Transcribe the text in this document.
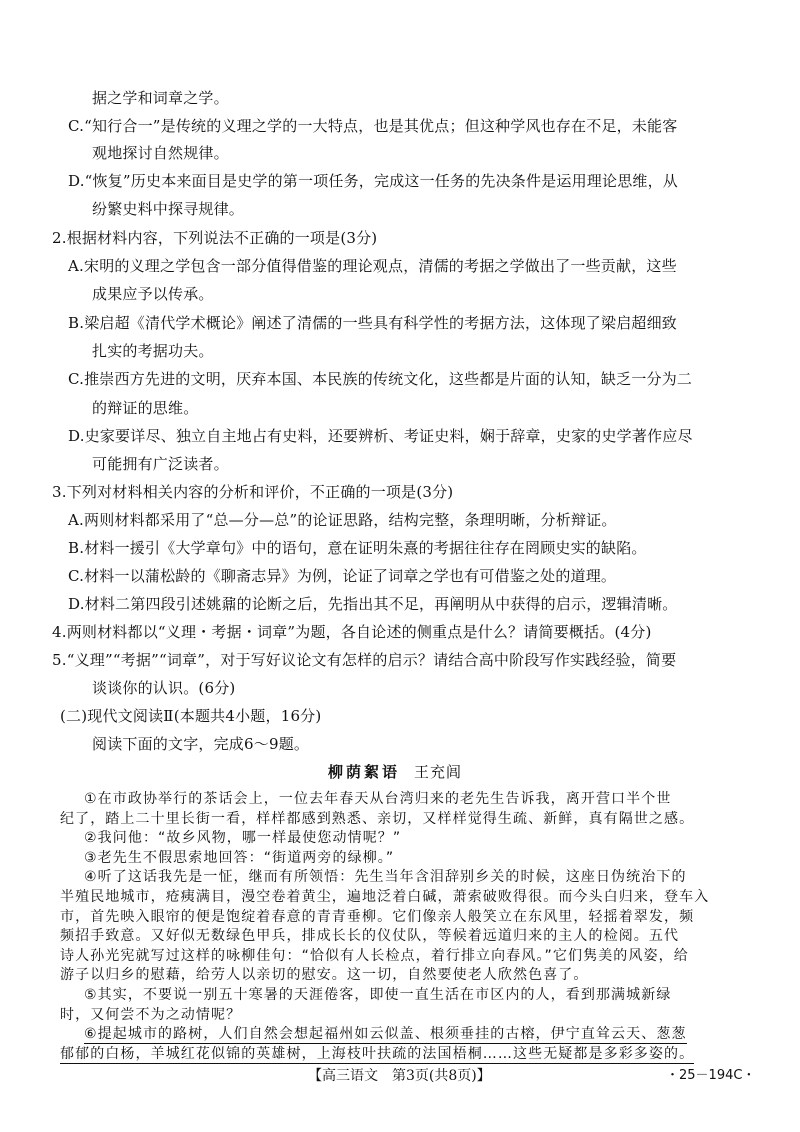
据之学和词章之学。
C.“知行合一”是传统的义理之学的一大特点，也是其优点；但这种学风也存在不足，未能客
观地探讨自然规律。
D.“恢复”历史本来面目是史学的第一项任务，完成这一任务的先决条件是运用理论思维，从
纷繁史料中探寻规律。
2.根据材料内容，下列说法不正确的一项是(3分)
A.宋明的义理之学包含一部分值得借鉴的理论观点，清儒的考据之学做出了一些贡献，这些
成果应予以传承。
B.梁启超《清代学术概论》阐述了清儒的一些具有科学性的考据方法，这体现了梁启超细致
扎实的考据功夫。
C.推崇西方先进的文明，厌弃本国、本民族的传统文化，这些都是片面的认知，缺乏一分为二
的辩证的思维。
D.史家要详尽、独立自主地占有史料，还要辨析、考证史料，娴于辞章，史家的史学著作应尽
可能拥有广泛读者。
3.下列对材料相关内容的分析和评价，不正确的一项是(3分)
A.两则材料都采用了“总—分—总”的论证思路，结构完整，条理明晰，分析辩证。
B.材料一援引《大学章句》中的语句，意在证明朱熹的考据往往存在罔顾史实的缺陷。
C.材料一以蒲松龄的《聊斋志异》为例，论证了词章之学也有可借鉴之处的道理。
D.材料二第四段引述姚鼐的论断之后，先指出其不足，再阐明从中获得的启示，逻辑清晰。
4.两则材料都以“义理・考据・词章”为题，各自论述的侧重点是什么？请简要概括。(4分)
5.“义理”“考据”“词章”，对于写好议论文有怎样的启示？请结合高中阶段写作实践经验，简要
谈谈你的认识。(6分)
(二)现代文阅读Ⅱ(本题共4小题，16分)
阅读下面的文字，完成6～9题。
柳荫絮语 王充闾
①在市政协举行的茶话会上，一位去年春天从台湾归来的老先生告诉我，离开营口半个世
纪了，踏上二十里长街一看，样样都感到熟悉、亲切，又样样觉得生疏、新鲜，真有隔世之感。
②我问他：“故乡风物，哪一样最使您动情呢？”
③老先生不假思索地回答：“街道两旁的绿柳。”
④听了这话我先是一怔，继而有所领悟：先生当年含泪辞别乡关的时候，这座日伪统治下的
半殖民地城市，疮痍满目，漫空卷着黄尘，遍地泛着白碱，萧索破败得很。而今头白归来，登车入
市，首先映入眼帘的便是饱绽着春意的青青垂柳。它们像亲人般笑立在东风里，轻摇着翠发，频
频招手致意。又好似无数绿色甲兵，排成长长的仪仗队，等候着远道归来的主人的检阅。五代
诗人孙光宪就写过这样的咏柳佳句：“恰似有人长检点，着行排立向春风。”它们隽美的风姿，给
游子以归乡的慰藉，给劳人以亲切的慰安。这一切，自然要使老人欣然色喜了。
⑤其实，不要说一别五十寒暑的天涯倦客，即使一直生活在市区内的人，看到那满城新绿
时，又何尝不为之动情呢？
⑥提起城市的路树，人们自然会想起福州如云似盖、根须垂挂的古榕，伊宁直耸云天、葱葱
郁郁的白杨，羊城红花似锦的英雄树，上海枝叶扶疏的法国梧桐……这些无疑都是多彩多姿的。
【高三语文　第3页(共8页)】	・25－194C・
